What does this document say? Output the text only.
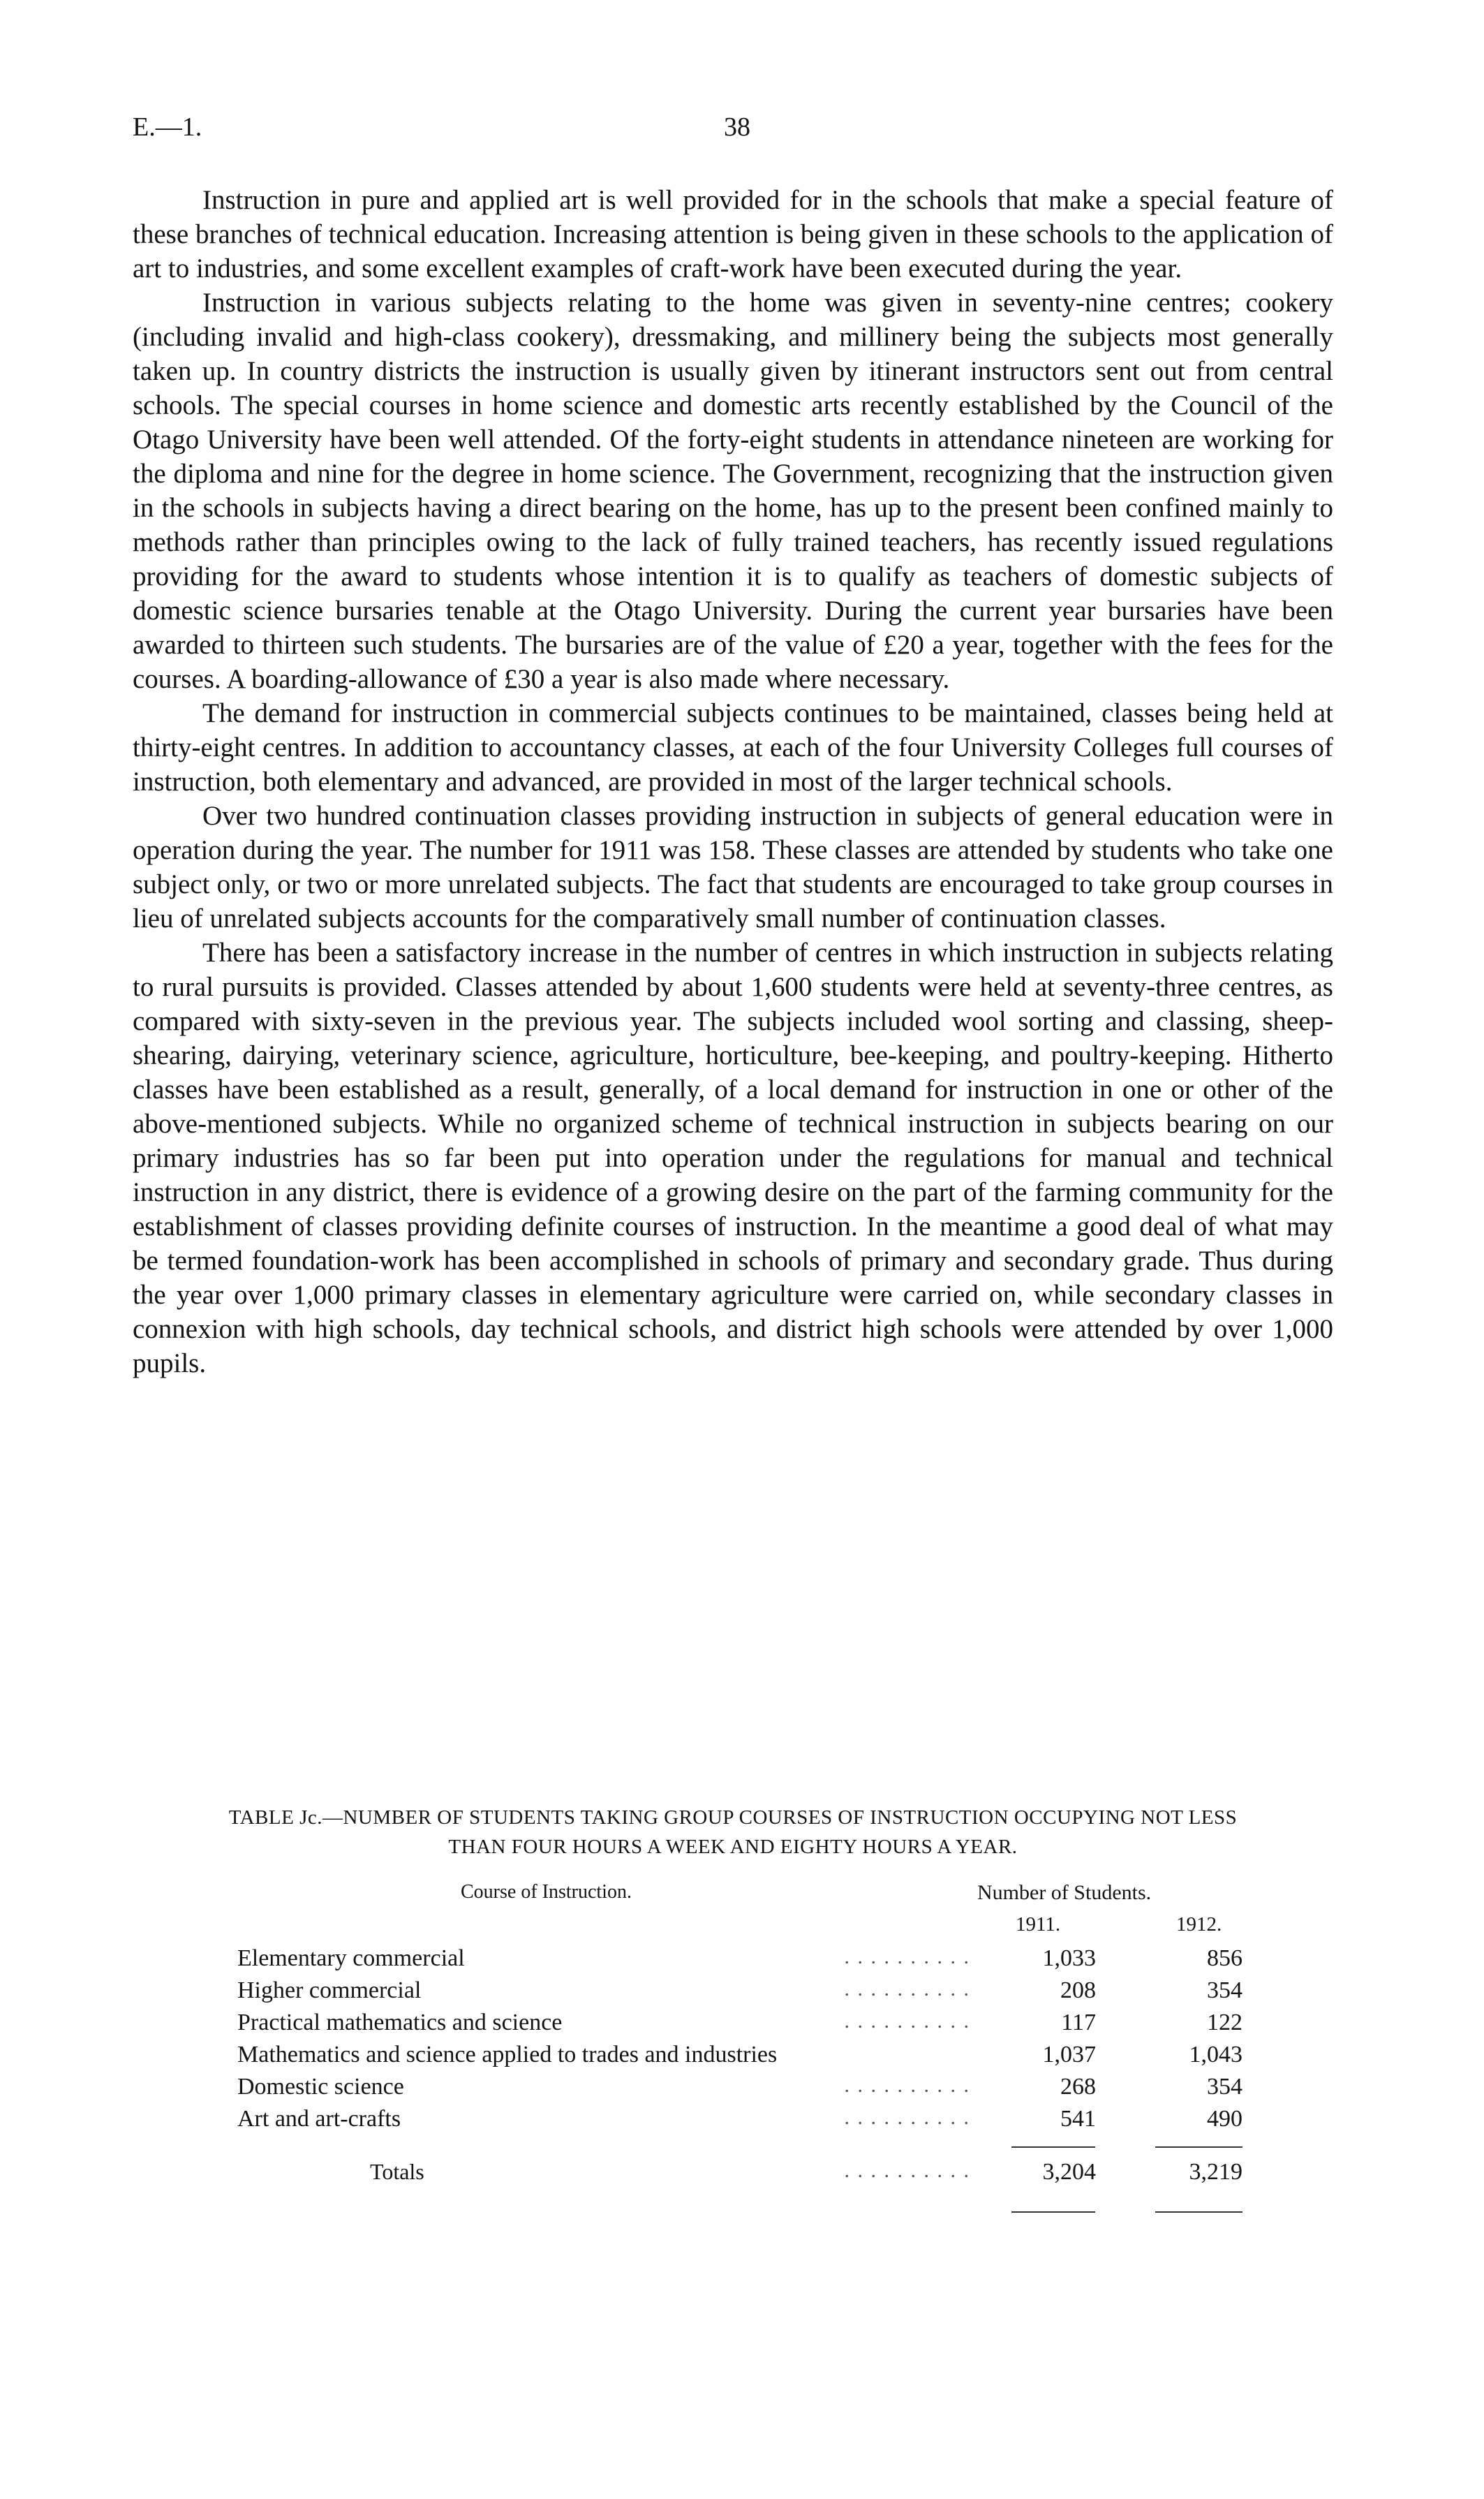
E.—1.	38

Instruction in pure and applied art is well provided for in the schools that make a special feature of these branches of technical education. Increasing attention is being given in these schools to the application of art to industries, and some excellent examples of craft-work have been executed during the year.

Instruction in various subjects relating to the home was given in seventy-nine centres; cookery (including invalid and high-class cookery), dressmaking, and millinery being the subjects most generally taken up. In country districts the instruction is usually given by itinerant instructors sent out from central schools. The special courses in home science and domestic arts recently established by the Council of the Otago University have been well attended. Of the forty-eight students in attendance nineteen are working for the diploma and nine for the degree in home science. The Government, recognizing that the instruction given in the schools in subjects having a direct bearing on the home, has up to the present been confined mainly to methods rather than principles owing to the lack of fully trained teachers, has recently issued regulations providing for the award to students whose intention it is to qualify as teachers of domestic subjects of domestic science bursaries tenable at the Otago University. During the current year bursaries have been awarded to thirteen such students. The bursaries are of the value of £20 a year, together with the fees for the courses. A boarding-allowance of £30 a year is also made where necessary.

The demand for instruction in commercial subjects continues to be maintained, classes being held at thirty-eight centres. In addition to accountancy classes, at each of the four University Colleges full courses of instruction, both elementary and advanced, are provided in most of the larger technical schools.

Over two hundred continuation classes providing instruction in subjects of general education were in operation during the year. The number for 1911 was 158. These classes are attended by students who take one subject only, or two or more unrelated subjects. The fact that students are encouraged to take group courses in lieu of unrelated subjects accounts for the comparatively small number of continuation classes.

There has been a satisfactory increase in the number of centres in which instruction in subjects relating to rural pursuits is provided. Classes attended by about 1,600 students were held at seventy-three centres, as compared with sixty-seven in the previous year. The subjects included wool sorting and classing, sheep-shearing, dairying, veterinary science, agriculture, horticulture, bee-keeping, and poultry-keeping. Hitherto classes have been established as a result, generally, of a local demand for instruction in one or other of the above-mentioned subjects. While no organized scheme of technical instruction in subjects bearing on our primary industries has so far been put into operation under the regulations for manual and technical instruction in any district, there is evidence of a growing desire on the part of the farming community for the establishment of classes providing definite courses of instruction. In the meantime a good deal of what may be termed foundation-work has been accomplished in schools of primary and secondary grade. Thus during the year over 1,000 primary classes in elementary agriculture were carried on, while secondary classes in connexion with high schools, day technical schools, and district high schools were attended by over 1,000 pupils.

TABLE Jc.—NUMBER OF STUDENTS TAKING GROUP COURSES OF INSTRUCTION OCCUPYING NOT LESS
THAN FOUR HOURS A WEEK AND EIGHTY HOURS A YEAR.
Course of Instruction.	Number of Students.
1911.	1912.
Elementary commercial	. . . . . . . . . .	1,033	856
Higher commercial	. . . . . . . . . .	208	354
Practical mathematics and science	. . . . . . . . . .	117	122
Mathematics and science applied to trades and industries	1,037	1,043
Domestic science	. . . . . . . . . .	268	354
Art and art-crafts	. . . . . . . . . .	541	490
Totals	. . . . . . . . . .	3,204	3,219
